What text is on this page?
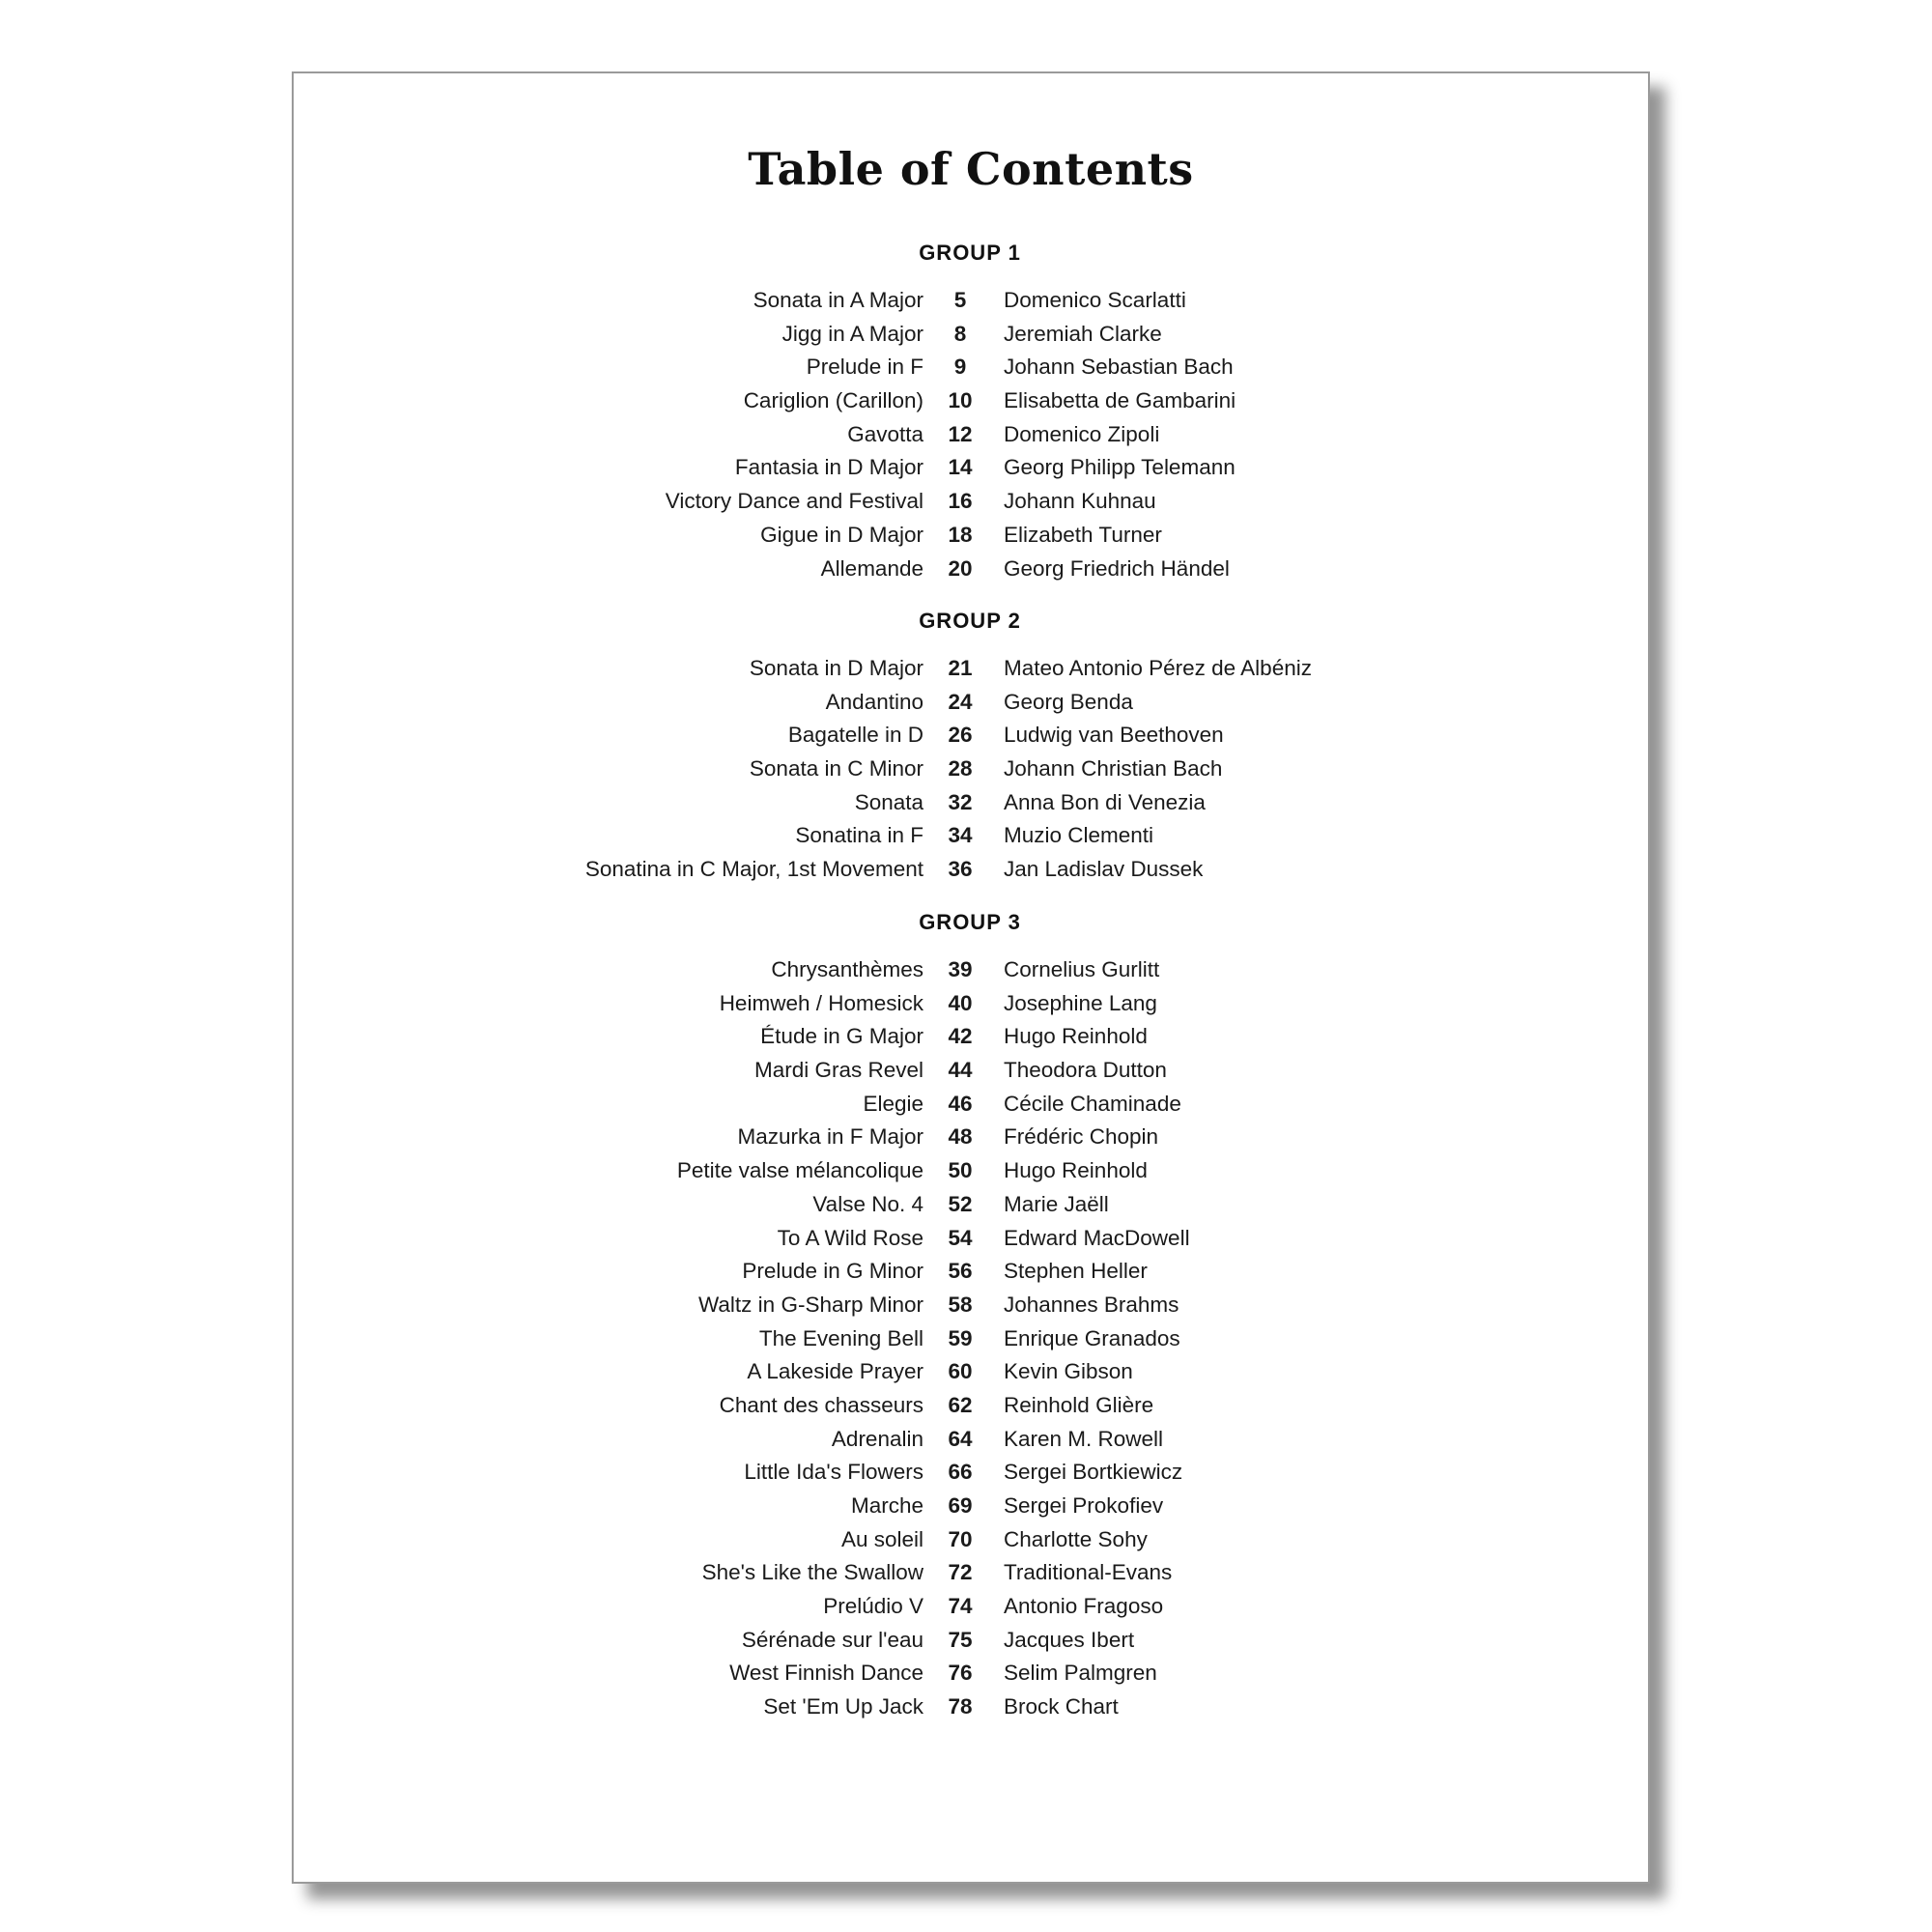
Table of Contents
GROUP 1
Sonata in A Major 5 Domenico Scarlatti
Jigg in A Major 8 Jeremiah Clarke
Prelude in F 9 Johann Sebastian Bach
Cariglion (Carillon) 10 Elisabetta de Gambarini
Gavotta 12 Domenico Zipoli
Fantasia in D Major 14 Georg Philipp Telemann
Victory Dance and Festival 16 Johann Kuhnau
Gigue in D Major 18 Elizabeth Turner
Allemande 20 Georg Friedrich Händel
GROUP 2
Sonata in D Major 21 Mateo Antonio Pérez de Albéniz
Andantino 24 Georg Benda
Bagatelle in D 26 Ludwig van Beethoven
Sonata in C Minor 28 Johann Christian Bach
Sonata 32 Anna Bon di Venezia
Sonatina in F 34 Muzio Clementi
Sonatina in C Major, 1st Movement 36 Jan Ladislav Dussek
GROUP 3
Chrysanthèmes 39 Cornelius Gurlitt
Heimweh / Homesick 40 Josephine Lang
Étude in G Major 42 Hugo Reinhold
Mardi Gras Revel 44 Theodora Dutton
Elegie 46 Cécile Chaminade
Mazurka in F Major 48 Frédéric Chopin
Petite valse mélancolique 50 Hugo Reinhold
Valse No. 4 52 Marie Jaëll
To A Wild Rose 54 Edward MacDowell
Prelude in G Minor 56 Stephen Heller
Waltz in G-Sharp Minor 58 Johannes Brahms
The Evening Bell 59 Enrique Granados
A Lakeside Prayer 60 Kevin Gibson
Chant des chasseurs 62 Reinhold Glière
Adrenalin 64 Karen M. Rowell
Little Ida's Flowers 66 Sergei Bortkiewicz
Marche 69 Sergei Prokofiev
Au soleil 70 Charlotte Sohy
She's Like the Swallow 72 Traditional-Evans
Prelúdio V 74 Antonio Fragoso
Sérénade sur l'eau 75 Jacques Ibert
West Finnish Dance 76 Selim Palmgren
Set 'Em Up Jack 78 Brock Chart
